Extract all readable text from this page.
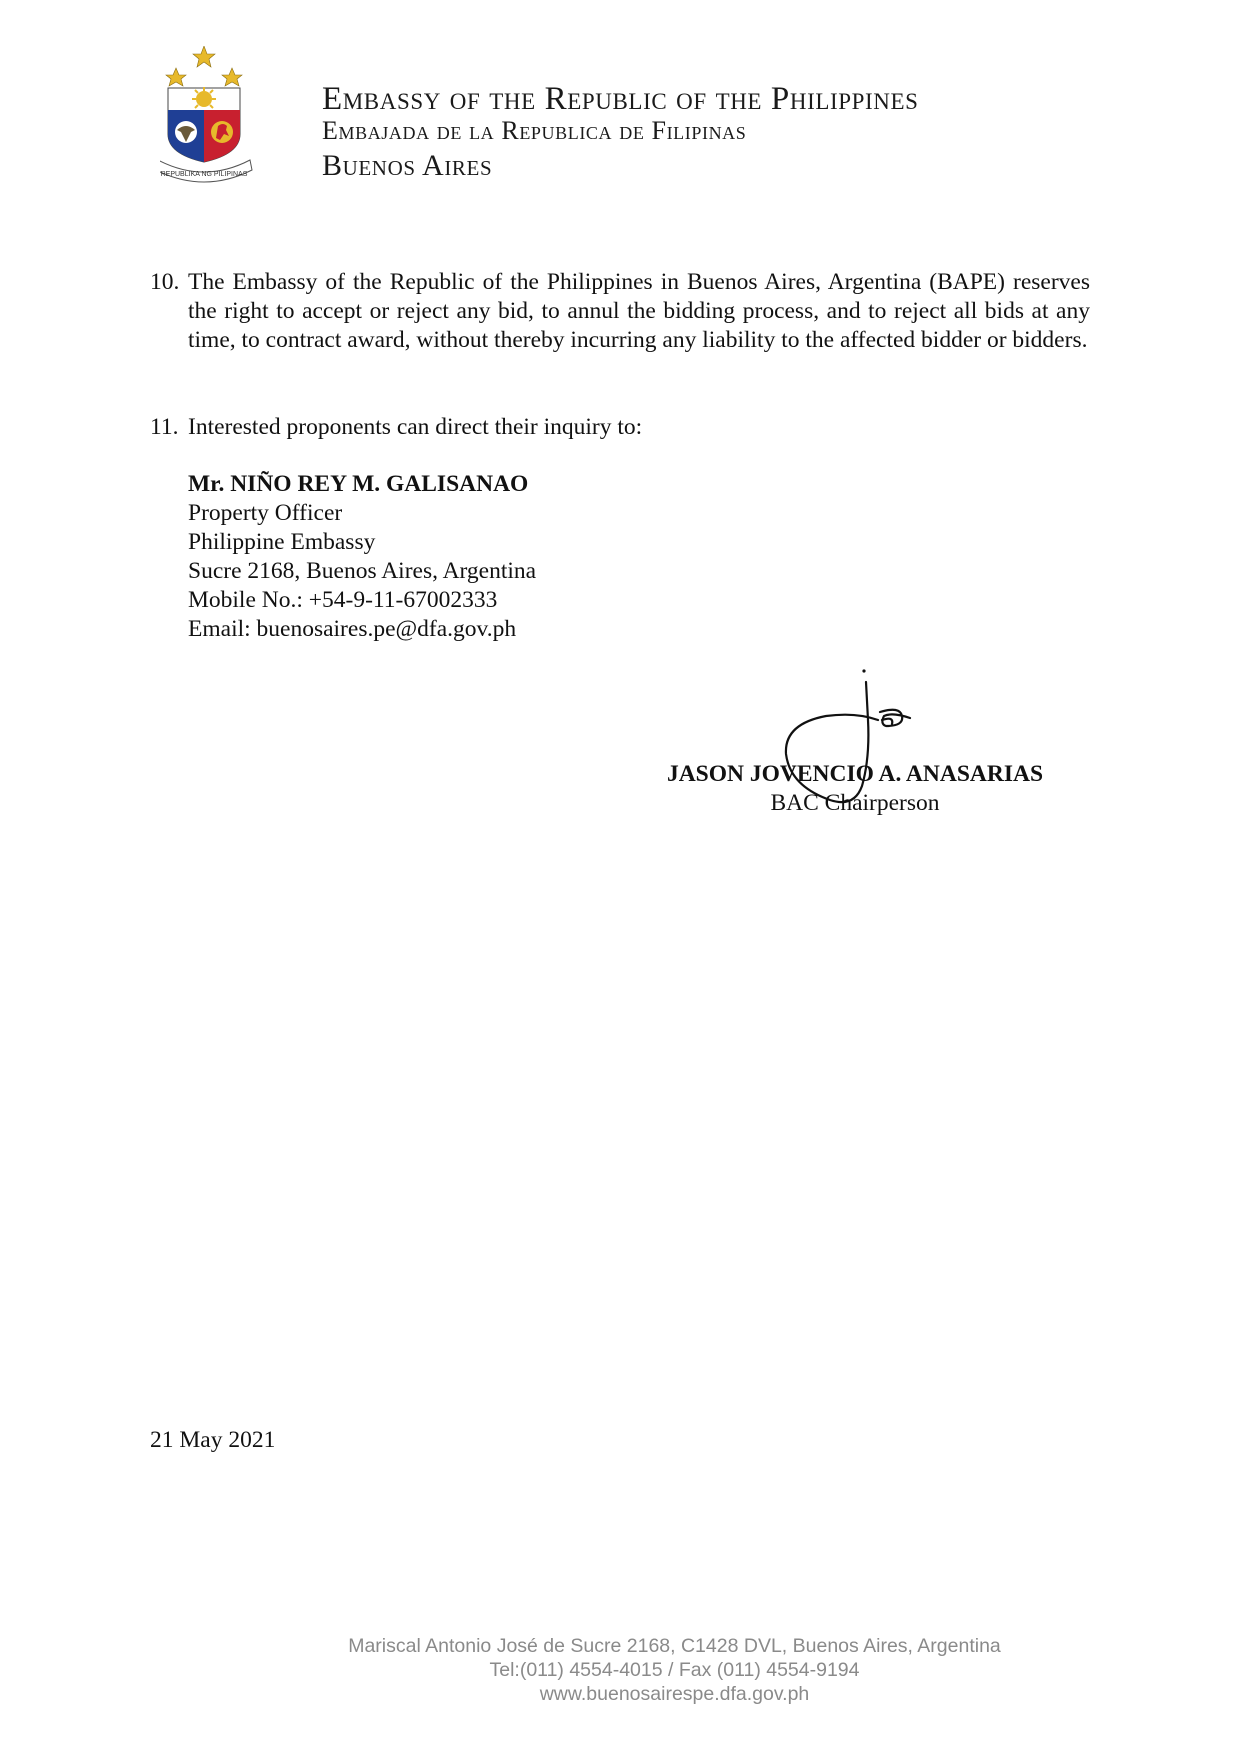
REPUBLIKA NG PILIPINAS
Embassy of the Republic of the Philippines
Embajada de la Republica de Filipinas
Buenos Aires
10. The Embassy of the Republic of the Philippines in Buenos Aires, Argentina (BAPE) reserves the right to accept or reject any bid, to annul the bidding process, and to reject all bids at any time, to contract award, without thereby incurring any liability to the affected bidder or bidders.
11. Interested proponents can direct their inquiry to:
Mr. NIÑO REY M. GALISANAO
Property Officer
Philippine Embassy
Sucre 2168, Buenos Aires, Argentina
Mobile No.: +54-9-11-67002333
Email: buenosaires.pe@dfa.gov.ph
JASON JOVENCIO A. ANASARIAS
BAC Chairperson
21 May 2021
Mariscal Antonio José de Sucre 2168, C1428 DVL, Buenos Aires, Argentina
Tel:(011) 4554-4015 / Fax (011) 4554-9194
www.buenosairespe.dfa.gov.ph
